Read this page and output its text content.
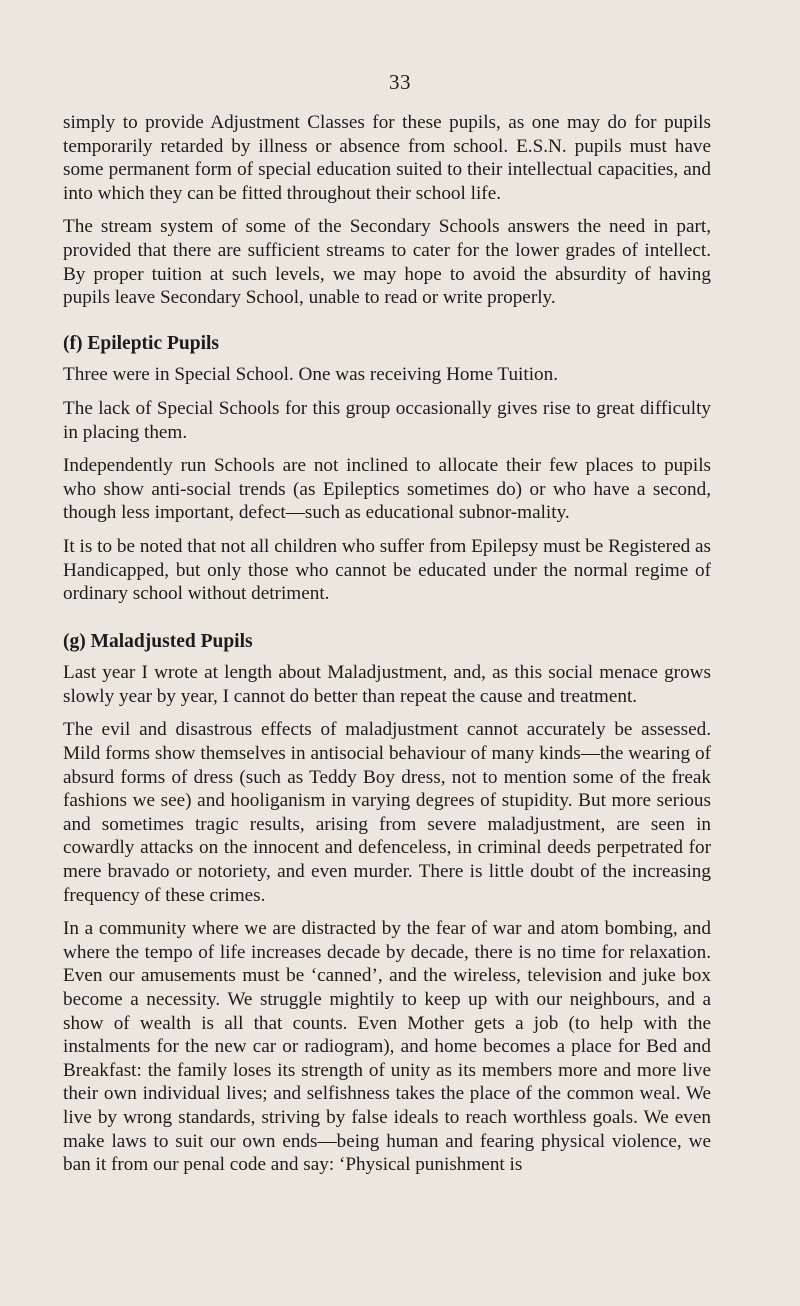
33

simply to provide Adjustment Classes for these pupils, as one may do for pupils temporarily retarded by illness or absence from school. E.S.N. pupils must have some permanent form of special education suited to their intellectual capacities, and into which they can be fitted throughout their school life.

The stream system of some of the Secondary Schools answers the need in part, provided that there are sufficient streams to cater for the lower grades of intellect. By proper tuition at such levels, we may hope to avoid the absurdity of having pupils leave Secondary School, unable to read or write properly.

(f) Epileptic Pupils

Three were in Special School. One was receiving Home Tuition.

The lack of Special Schools for this group occasionally gives rise to great difficulty in placing them.

Independently run Schools are not inclined to allocate their few places to pupils who show anti-social trends (as Epileptics sometimes do) or who have a second, though less important, defect—such as educational subnor-mality.

It is to be noted that not all children who suffer from Epilepsy must be Registered as Handicapped, but only those who cannot be educated under the normal regime of ordinary school without detriment.

(g) Maladjusted Pupils

Last year I wrote at length about Maladjustment, and, as this social menace grows slowly year by year, I cannot do better than repeat the cause and treatment.

The evil and disastrous effects of maladjustment cannot accurately be assessed. Mild forms show themselves in antisocial behaviour of many kinds—the wearing of absurd forms of dress (such as Teddy Boy dress, not to mention some of the freak fashions we see) and hooliganism in varying degrees of stupidity. But more serious and sometimes tragic results, arising from severe maladjustment, are seen in cowardly attacks on the innocent and defenceless, in criminal deeds perpetrated for mere bravado or notoriety, and even murder. There is little doubt of the increasing frequency of these crimes.

In a community where we are distracted by the fear of war and atom bombing, and where the tempo of life increases decade by decade, there is no time for relaxation. Even our amusements must be ‘canned’, and the wireless, television and juke box become a necessity. We struggle mightily to keep up with our neighbours, and a show of wealth is all that counts. Even Mother gets a job (to help with the instalments for the new car or radiogram), and home becomes a place for Bed and Breakfast: the family loses its strength of unity as its members more and more live their own individual lives; and selfishness takes the place of the common weal. We live by wrong standards, striving by false ideals to reach worthless goals. We even make laws to suit our own ends—being human and fearing physical violence, we ban it from our penal code and say: ‘Physical punishment is
